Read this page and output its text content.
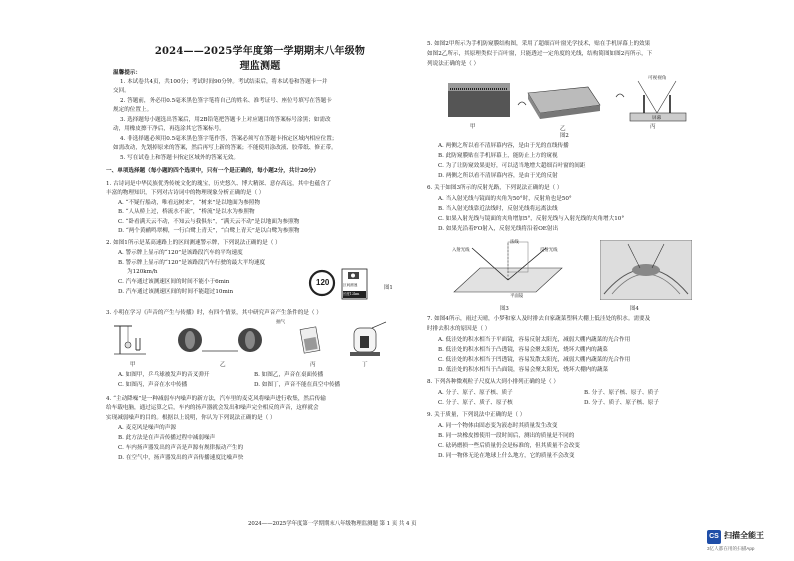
2024——2025学年度第一学期期末八年级物理监测题
温馨提示：
1. 本试卷共4页，共100分；考试时间90分钟。考试结束后，将本试卷和答题卡一并
交回。
2. 答题前，务必用0.5毫米黑色签字笔将自己的姓名、准考证号、座位号填写在答题卡
规定的位置上。
3. 选择题每小题选出答案后，用2B铅笔把答题卡上对应题目的答案标号涂黑；如需改
动，用橡皮擦干净后，再选涂其它答案标号。
4. 非选择题必须用0.5毫米黑色签字笔作答，答案必须写在答题卡指定区域内相应位置；
如需改动，先划掉原来的答案，然后再写上新的答案；不能使用涂改液、胶带纸、修正带。
5. 写在试卷上和答题卡指定区域外的答案无效。
一、单项选择题（每小题的四个选项中，只有一个是正确的，每小题2分，共计20分）
1. 古诗词是中华民族优秀传统文化的瑰宝，历史悠久、博大精深、意存高远，其中也蕴含了
丰富的物理知识，下列对古诗词中的物理现象分析正确的是（ ）
A. “不疑行船动，唯看远树来”，“树来”是以地面为参照物
B. “人从桥上过，桥流水不流”，“桥流”是以水为参照物
C. “卧看满天云不动，不知云与我俱东”，“满天云不动”是以地面为参照物
D. “两个黄鹂鸣翠柳，一行白鹭上青天”，“白鹭上青天”是以白鹭为参照物
2. 如图1所示是某高速路上的区间测速警示牌，下列说法正确的是（ ）
A. 警示牌上显示的“120”是该路段汽车的平均速度
B. 警示牌上显示的“120”是该路段汽车行驶的最大平均速度
为120km/h
C. 汽车通过该测速区间的时间不能小于6min
D. 汽车通过该测速区间的时间不能超过10min
120	区间测速
长度12km
图1
3. 小明在学习《声音的产生与传播》时，有四个情景，其中研究声音产生条件的是（ ）
抽气
甲	乙	丙	丁
A. 如图甲，乒乓球被发声的音叉弹开	B. 如图乙，声音在桌面传播
C. 如图丙，声音在水中传播	D. 如图丁，声音不能在真空中传播
4. “主动降噪”是一种减弱车内噪声的新方法，汽车里的麦克风将噪声进行收集，然后传输
给车载电脑，通过运算之后，车内的扬声器就会发出和噪声完全相反的声音，这样就会
实现减弱噪声的目的。根据以上说明，你认为下列说法正确的是（ ）
A. 麦克风是噪声的声源
B. 此方法是在声音传播过程中减弱噪声
C. 车内扬声器发出的声音是声源有规律振动产生的
D. 在空气中，扬声器发出的声音传播速度比噪声快
5. 如图2甲所示为手机防窥膜结构图，采用了超细百叶窗光学技术，贴在手机屏幕上的效果
如图2乙所示，其原理类似于百叶窗，只能透过一定角度的光线，结构简图如图2丙所示，下
列说法正确的是（ ）
甲	乙	丙
可视视角
屏幕
图2
A. 两侧之所以看不清屏幕内容，是由于光的直线传播
B. 此防窥膜贴在手机屏幕上，能防止上方的窥视
C. 为了让防窥效果更好，可以适当地增大超细百叶窗的间距
D. 两侧之所以看不清屏幕内容，是由于光的反射
6. 关于如图3所示的反射光路，下列说法正确的是（ ）
A. 当入射光线与镜面的夹角为50°时，反射角也是50°
B. 当入射光线靠近法线时，反射光线将远离法线
C. 如果入射光线与镜面的夹角增加5°，反射光线与入射光线的夹角增大10°
D. 如果光沿着FO射入，反射光线将沿着OE射出
入射光线	反射光线
法线
平面镜
图3	图4
7. 如图4所示，雨过天晴，小梦和家人及时排去自家蔬菜塑料大棚上低洼处的积水。需要及
时排去积水的原因是（ ）
A. 低洼处的积水相当于平面镜，容易反射太阳光，减弱大棚内蔬菜的光合作用
B. 低洼处的积水相当于凸透镜，容易会聚太阳光，烧坏大棚内的蔬菜
C. 低洼处的积水相当于凹透镜，容易发散太阳光，减弱大棚内蔬菜的光合作用
D. 低洼处的积水相当于凸面镜，容易会聚太阳光，烧坏大棚内的蔬菜
8. 下列各种微观粒子尺度从大到小排列正确的是（ ）
A. 分子、原子、原子核、质子	B. 分子、原子核、原子、质子
C. 分子、原子、质子、原子核	D. 分子、质子、原子核、原子
9. 关于质量，下列说法中正确的是（ ）
A. 同一个物体由固态变为液态时其质量发生改变
B. 同一块橡皮擦使用一段时间后，测出的质量是不同的
C. 砝码磨损一些后质量仍会是标准的，但其质量不会改变
D. 同一物体无论在地球上什么地方，它的质量不会改变
2024——2025学年度第一学期期末八年级物理监测题 第 1 页 共 4 页
CS 扫描全能王
3亿人都在用的扫描App
